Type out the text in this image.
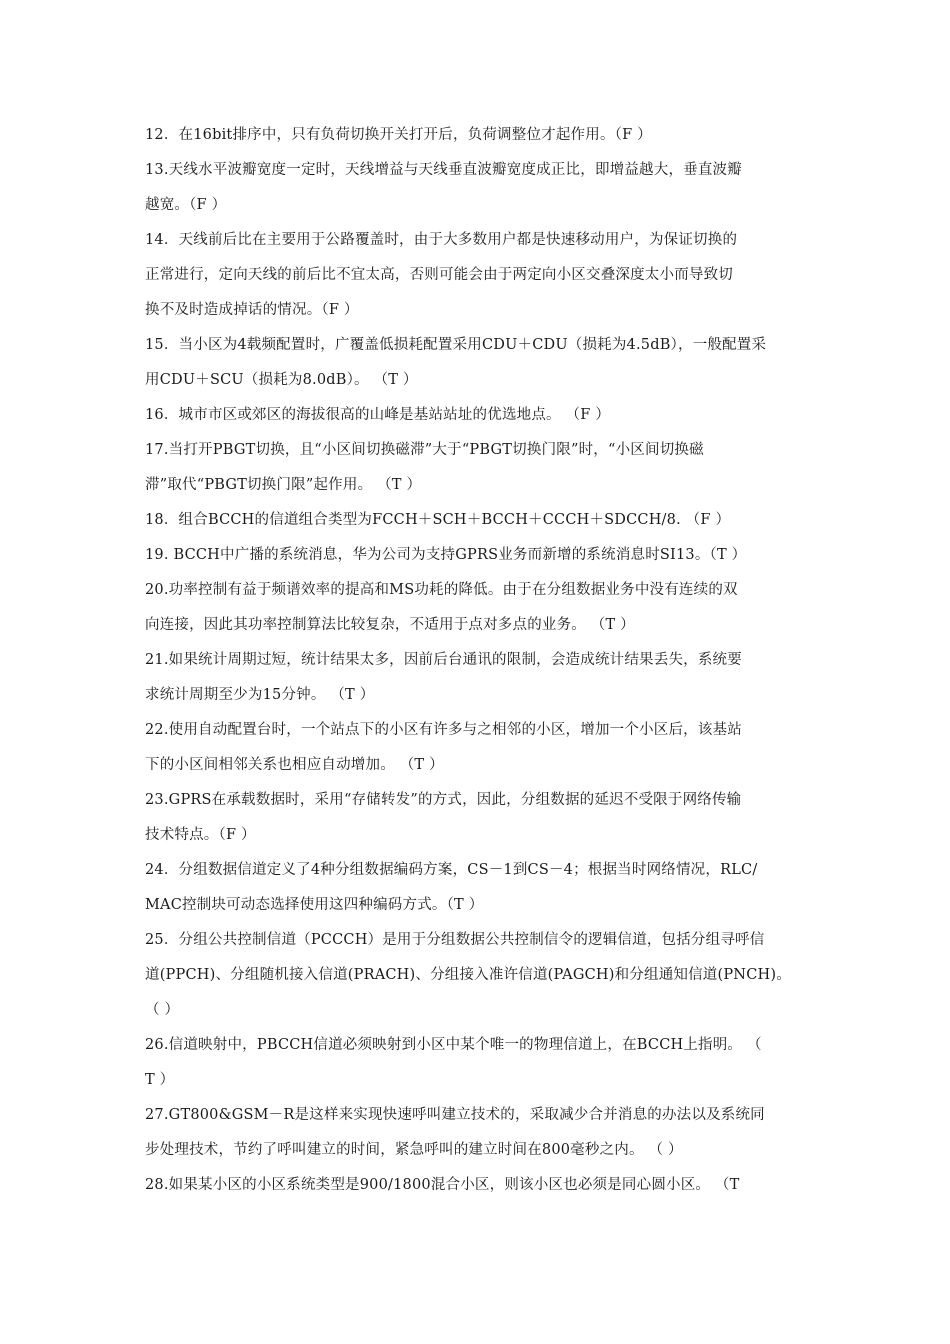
12．在16bit排序中，只有负荷切换开关打开后，负荷调整位才起作用。（F ）
13.天线水平波瓣宽度一定时，天线增益与天线垂直波瓣宽度成正比，即增益越大，垂直波瓣
越宽。（F ）
14．天线前后比在主要用于公路覆盖时，由于大多数用户都是快速移动用户，为保证切换的
正常进行，定向天线的前后比不宜太高，否则可能会由于两定向小区交叠深度太小而导致切
换不及时造成掉话的情况。（F ）
15．当小区为4载频配置时，广覆盖低损耗配置采用CDU＋CDU（损耗为4.5dB），一般配置采
用CDU＋SCU（损耗为8.0dB）。 （T ）
16．城市市区或郊区的海拔很高的山峰是基站站址的优选地点。 （F ）
17.当打开PBGT切换，且“小区间切换磁滞”大于“PBGT切换门限”时，“小区间切换磁
滞”取代“PBGT切换门限”起作用。 （T ）
18．组合BCCH的信道组合类型为FCCH＋SCH＋BCCH＋CCCH＋SDCCH/8. （F ）
19. BCCH中广播的系统消息，华为公司为支持GPRS业务而新增的系统消息时SI13。（T ）
20.功率控制有益于频谱效率的提高和MS功耗的降低。由于在分组数据业务中没有连续的双
向连接，因此其功率控制算法比较复杂，不适用于点对多点的业务。 （T ）
21.如果统计周期过短，统计结果太多，因前后台通讯的限制，会造成统计结果丢失，系统要
求统计周期至少为15分钟。 （T ）
22.使用自动配置台时，一个站点下的小区有许多与之相邻的小区，增加一个小区后，该基站
下的小区间相邻关系也相应自动增加。 （T ）
23.GPRS在承载数据时，采用“存储转发”的方式，因此，分组数据的延迟不受限于网络传输
技术特点。（F ）
24．分组数据信道定义了4种分组数据编码方案，CS－1到CS－4；根据当时网络情况，RLC/
MAC控制块可动态选择使用这四种编码方式。（T ）
25．分组公共控制信道（PCCCH）是用于分组数据公共控制信令的逻辑信道，包括分组寻呼信
道(PPCH)、分组随机接入信道(PRACH)、分组接入准许信道(PAGCH)和分组通知信道(PNCH)。
（ ）
26.信道映射中，PBCCH信道必须映射到小区中某个唯一的物理信道上，在BCCH上指明。 （
T ）
27.GT800&GSM－R是这样来实现快速呼叫建立技术的，采取减少合并消息的办法以及系统同
步处理技术，节约了呼叫建立的时间，紧急呼叫的建立时间在800毫秒之内。 （ ）
28.如果某小区的小区系统类型是900/1800混合小区，则该小区也必须是同心圆小区。 （T
